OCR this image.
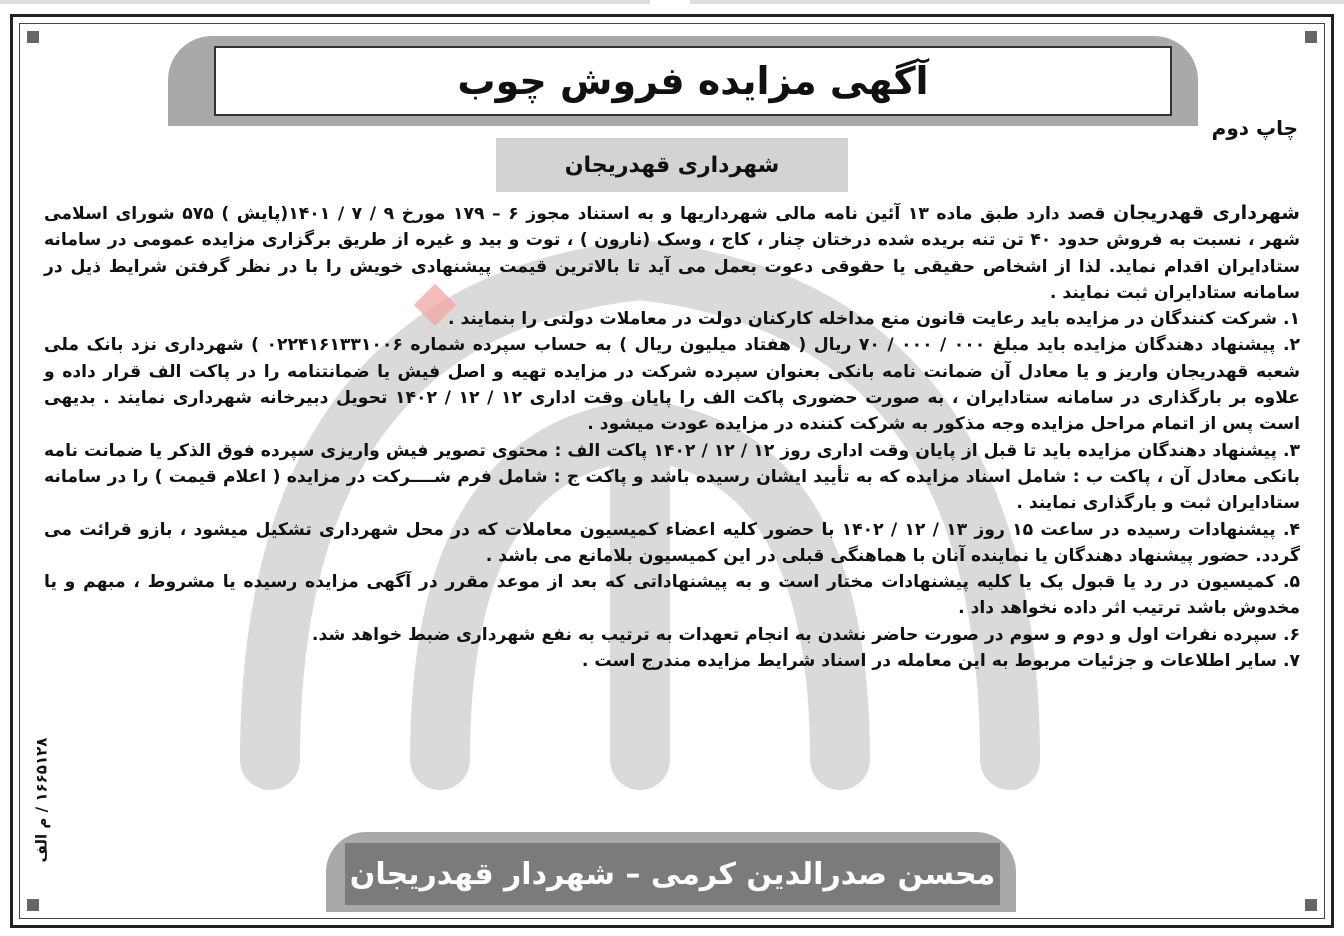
آگهی مزایده فروش چوب
چاپ دوم
شهرداری قهدریجان

شهرداری قهدریجان قصد دارد طبق ماده ۱۳ آئین نامه مالی شهرداریها و به استناد مجوز ۶ – ۱۷۹ مورخ ۹ / ۷ / ۱۴۰۱(پایش ) ۵۷۵ شورای اسلامی شهر ، نسبت به فروش حدود ۴۰ تن تنه بریده شده درختان چنار ، کاج ، وسک (نارون ) ، توت و بید و غیره از طریق برگزاری مزایده عمومی در سامانه ستادایران اقدام نماید. لذا از اشخاص حقیقی یا حقوقی دعوت بعمل می آید تا بالاترین قیمت پیشنهادی خویش را با در نظر گرفتن شرایط ذیل در سامانه ستادایران ثبت نمایند .

۱. شرکت کنندگان در مزایده باید رعایت قانون منع مداخله کارکنان دولت در معاملات دولتی را بنمایند .

۲. پیشنهاد دهندگان مزایده باید مبلغ ۰۰۰ / ۰۰۰ / ۷۰ ریال ( هفتاد میلیون ریال ) به حساب سپرده شماره ۰۲۲۴۱۶۱۳۳۱۰۰۶ ) شهرداری نزد بانک ملی شعبه قهدریجان واریز و یا معادل آن ضمانت نامه بانکی بعنوان سپرده شرکت در مزایده تهیه و اصل فیش یا ضمانتنامه را در پاکت الف قرار داده و علاوه بر بارگذاری در سامانه ستادایران ، به صورت حضوری پاکت الف را پایان وقت اداری ۱۲ / ۱۲ / ۱۴۰۲ تحویل دبیرخانه شهرداری نمایند . بدیهی است پس از اتمام مراحل مزایده وجه مذکور به شرکت کننده در مزایده عودت میشود .

۳. پیشنهاد دهندگان مزایده باید تا قبل از پایان وقت اداری روز ۱۲ / ۱۲ / ۱۴۰۲ پاکت الف : محتوی تصویر فیش واریزی سپرده فوق الذکر یا ضمانت نامه بانکی معادل آن ، پاکت ب : شامل اسناد مزایده که به تأیید ایشان رسیده باشد و پاکت ج : شامل فرم شــــرکت در مزایده ( اعلام قیمت ) را در سامانه ستادایران ثبت و بارگذاری نمایند .

۴. پیشنهادات رسیده در ساعت ۱۵ روز ۱۳ / ۱۲ / ۱۴۰۲ با حضور کلیه اعضاء کمیسیون معاملات که در محل شهرداری تشکیل میشود ، بازو قرائت می گردد. حضور پیشنهاد دهندگان یا نماینده آنان با هماهنگی قبلی در این کمیسیون بلامانع می باشد .

۵. کمیسیون در رد یا قبول یک یا کلیه پیشنهادات مختار است و به پیشنهاداتی که بعد از موعد مقرر در آگهی مزایده رسیده یا مشروط ، مبهم و یا مخدوش باشد ترتیب اثر داده نخواهد داد .

۶. سپرده نفرات اول و دوم و سوم در صورت حاضر نشدن به انجام تعهدات به ترتیب به نفع شهرداری ضبط خواهد شد.

۷. سایر اطلاعات و جزئیات مربوط به این معامله در اسناد شرایط مزایده مندرج است .

۱۶۶۵۱۲۸ / م الف
محسن صدرالدین کرمی – شهردار قهدریجان
